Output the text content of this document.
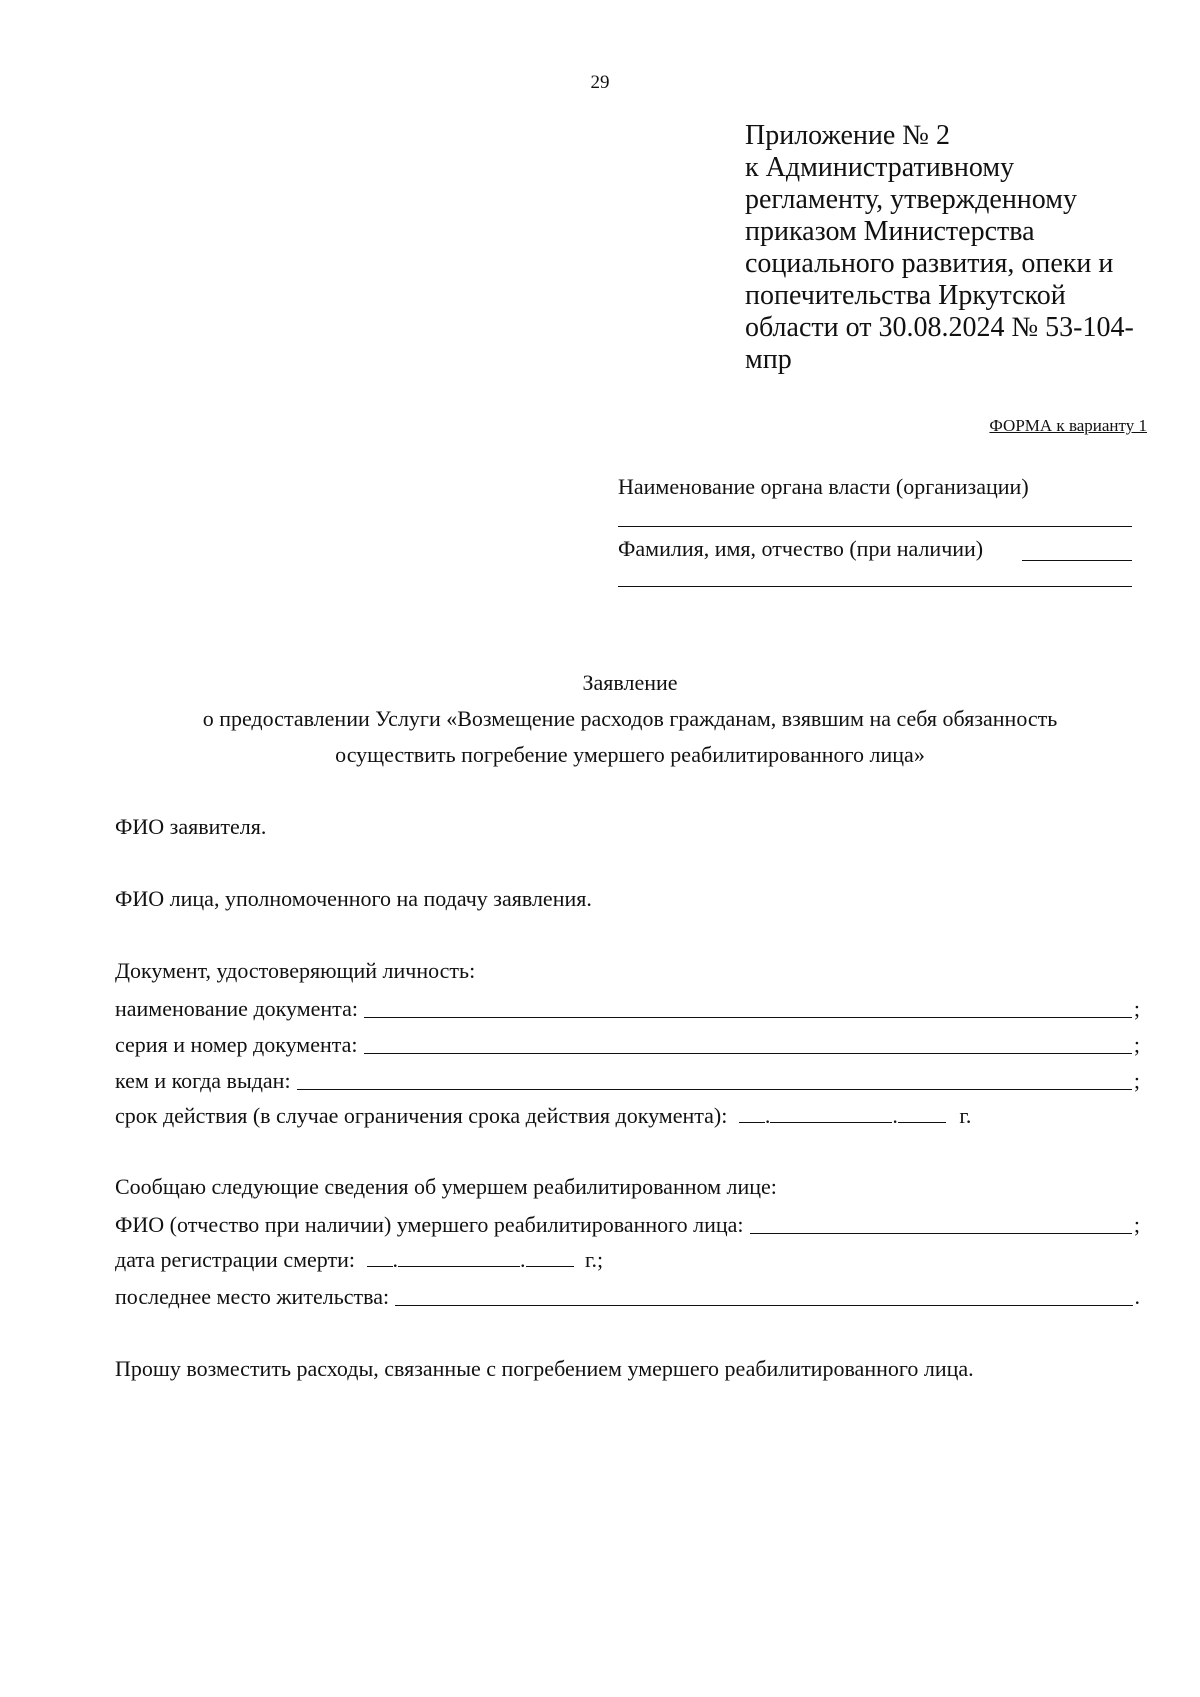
29
Приложение № 2
к Административному
регламенту, утвержденному
приказом Министерства
социального развития, опеки и
попечительства Иркутской
области от 30.08.2024 № 53-104-
мпр
ФОРМА к варианту 1
Наименование органа власти (организации)
Фамилия, имя, отчество (при наличии)
Заявление
о предоставлении Услуги «Возмещение расходов гражданам, взявшим на себя обязанность
осуществить погребение умершего реабилитированного лица»
ФИО заявителя.
ФИО лица, уполномоченного на подачу заявления.
Документ, удостоверяющий личность:
наименование документа:	;
серия и номер документа:	;
кем и когда выдан:	;
срок действия (в случае ограничения срока действия документа): .	.	г.
Сообщаю следующие сведения об умершем реабилитированном лице:
ФИО (отчество при наличии) умершего реабилитированного лица:	;
дата регистрации смерти: .	.	г.;
последнее место жительства:	.
Прошу возместить расходы, связанные с погребением умершего реабилитированного лица.
